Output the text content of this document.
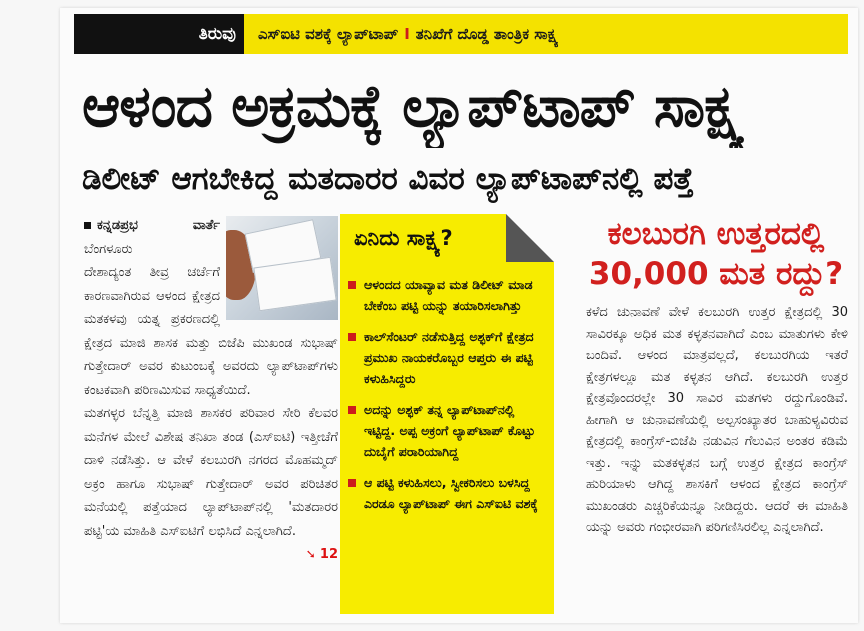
ತಿರುವು ಎಸ್‌ಐಟಿ ವಶಕ್ಕೆ ಲ್ಯಾಪ್‌ಟಾಪ್ I ತನಿಖೆಗೆ ದೊಡ್ಡ ತಾಂತ್ರಿಕ ಸಾಕ್ಷ್ಯ
ಆಳಂದ ಅಕ್ರಮಕ್ಕೆ ಲ್ಯಾಪ್‌ಟಾಪ್ ಸಾಕ್ಷ್ಯ
ಡಿಲೀಟ್ ಆಗಬೇಕಿದ್ದ ಮತದಾರರ ವಿವರ ಲ್ಯಾಪ್‌ಟಾಪ್‌ನಲ್ಲಿ ಪತ್ತೆ

ಕನ್ನಡಪ್ರಭ ವಾರ್ತೆ ಬೆಂಗಳೂರು

ದೇಶಾದ್ಯಂತ ತೀವ್ರ ಚರ್ಚೆಗೆ ಕಾರಣವಾಗಿರುವ ಆಳಂದ ಕ್ಷೇತ್ರದ ಮತಕಳವು ಯತ್ನ ಪ್ರಕರಣದಲ್ಲಿ ಕ್ಷೇತ್ರದ ಮಾಜಿ ಶಾಸಕ ಮತ್ತು ಬಿಜೆಪಿ ಮುಖಂಡ ಸುಭಾಷ್ ಗುತ್ತೇದಾರ್ ಅವರ ಕುಟುಂಬಕ್ಕೆ ಅವರದು ಲ್ಯಾಪ್‌ಟಾಪ್‌ಗಳು ಕಂಟಕವಾಗಿ ಪರಿಣಮಿಸುವ ಸಾಧ್ಯತೆಯಿದೆ.

ಮತಗಳ್ಳರ ಬೆನ್ನತ್ತಿ ಮಾಜಿ ಶಾಸಕರ ಪರಿವಾರ ಸೇರಿ ಕೆಲವರ ಮನೆಗಳ ಮೇಲೆ ವಿಶೇಷ ತನಿಖಾ ತಂಡ (ಎಸ್‌ಐಟಿ) ಇತ್ತೀಚೆಗೆ ದಾಳಿ ನಡೆಸಿತ್ತು. ಆ ವೇಳೆ ಕಲಬುರಗಿ ನಗರದ ಮೊಹಮ್ಮದ್ ಅಕ್ರಂ ಹಾಗೂ ಸುಭಾಷ್ ಗುತ್ತೇದಾರ್ ಅವರ ಪರಿಚಿತರ ಮನೆಯಲ್ಲಿ ಪತ್ತೆಯಾದ ಲ್ಯಾಪ್‌ಟಾಪ್‌ನಲ್ಲಿ 'ಮತದಾರರ ಪಟ್ಟಿ'ಯ ಮಾಹಿತಿ ಎಸ್‌ಐಟಿಗೆ ಲಭಿಸಿದೆ ಎನ್ನಲಾಗಿದೆ.

➘ 12

ಏನಿದು ಸಾಕ್ಷ್ಯ?
ಆಳಂದದ ಯಾವ್ಯಾವ ಮತ ಡಿಲೀಟ್ ಮಾಡ ಬೇಕೆಂಬ ಪಟ್ಟಿ ಯನ್ನು ತಯಾರಿಸಲಾಗಿತ್ತು
ಕಾಲ್‌ಸೆಂಟರ್ ನಡೆಸುತ್ತಿದ್ದ ಅಶ್ಫಕ್‌ಗೆ ಕ್ಷೇತ್ರದ ಪ್ರಮುಖ ನಾಯಕರೊಬ್ಬರ ಆಪ್ತರು ಈ ಪಟ್ಟಿ ಕಳುಹಿಸಿದ್ದರು
ಅದನ್ನು ಅಶ್ಫಕ್ ತನ್ನ ಲ್ಯಾಪ್‌ಟಾಪ್‌ನಲ್ಲಿ ಇಟ್ಟಿದ್ದ. ಅಪ್ಪ ಅಕ್ರಂಗೆ ಲ್ಯಾಪ್‌ಟಾಪ್ ಕೊಟ್ಟು ದುಬೈಗೆ ಪರಾರಿಯಾಗಿದ್ದ
ಆ ಪಟ್ಟಿ ಕಳುಹಿಸಲು, ಸ್ವೀಕರಿಸಲು ಬಳಸಿದ್ದ ಎರಡೂ ಲ್ಯಾಪ್‌ಟಾಪ್ ಈಗ ಎಸ್‌ಐಟಿ ವಶಕ್ಕೆ
ಕಲಬುರಗಿ ಉತ್ತರದಲ್ಲಿ
30,000 ಮತ ರದ್ದು?
ಕಳೆದ ಚುನಾವಣೆ ವೇಳೆ ಕಲಬುರಗಿ ಉತ್ತರ ಕ್ಷೇತ್ರದಲ್ಲಿ 30 ಸಾವಿರಕ್ಕೂ ಅಧಿಕ ಮತ ಕಳ್ಳತನವಾಗಿದೆ ಎಂಬ ಮಾತುಗಳು ಕೇಳಿ ಬಂದಿವೆ. ಆಳಂದ ಮಾತ್ರವಲ್ಲದೆ, ಕಲಬುರಗಿಯ ಇತರೆ ಕ್ಷೇತ್ರಗಳಲ್ಲೂ ಮತ ಕಳ್ಳತನ ಆಗಿದೆ. ಕಲಬುರಗಿ ಉತ್ತರ ಕ್ಷೇತ್ರವೊಂದರಲ್ಲೇ 30 ಸಾವಿರ ಮತಗಳು ರದ್ದುಗೊಂಡಿವೆ. ಹೀಗಾಗಿ ಆ ಚುನಾವಣೆಯಲ್ಲಿ ಅಲ್ಪಸಂಖ್ಯಾತರ ಬಾಹುಳ್ಯವಿರುವ ಕ್ಷೇತ್ರದಲ್ಲಿ ಕಾಂಗ್ರೆಸ್-ಬಿಜೆಪಿ ನಡುವಿನ ಗೆಲುವಿನ ಅಂತರ ಕಡಿಮೆ ಇತ್ತು. ಇನ್ನು ಮತಕಳ್ಳತನ ಬಗ್ಗೆ ಉತ್ತರ ಕ್ಷೇತ್ರದ ಕಾಂಗ್ರೆಸ್ ಹುರಿಯಾಳು ಆಗಿದ್ದ ಶಾಸಕಿಗೆ ಆಳಂದ ಕ್ಷೇತ್ರದ ಕಾಂಗ್ರೆಸ್ ಮುಖಂಡರು ಎಚ್ಚರಿಕೆಯನ್ನೂ ನೀಡಿದ್ದರು. ಆದರೆ ಈ ಮಾಹಿತಿ ಯನ್ನು ಅವರು ಗಂಭೀರವಾಗಿ ಪರಿಗಣಿಸಿರಲಿಲ್ಲ ಎನ್ನಲಾಗಿದೆ.
